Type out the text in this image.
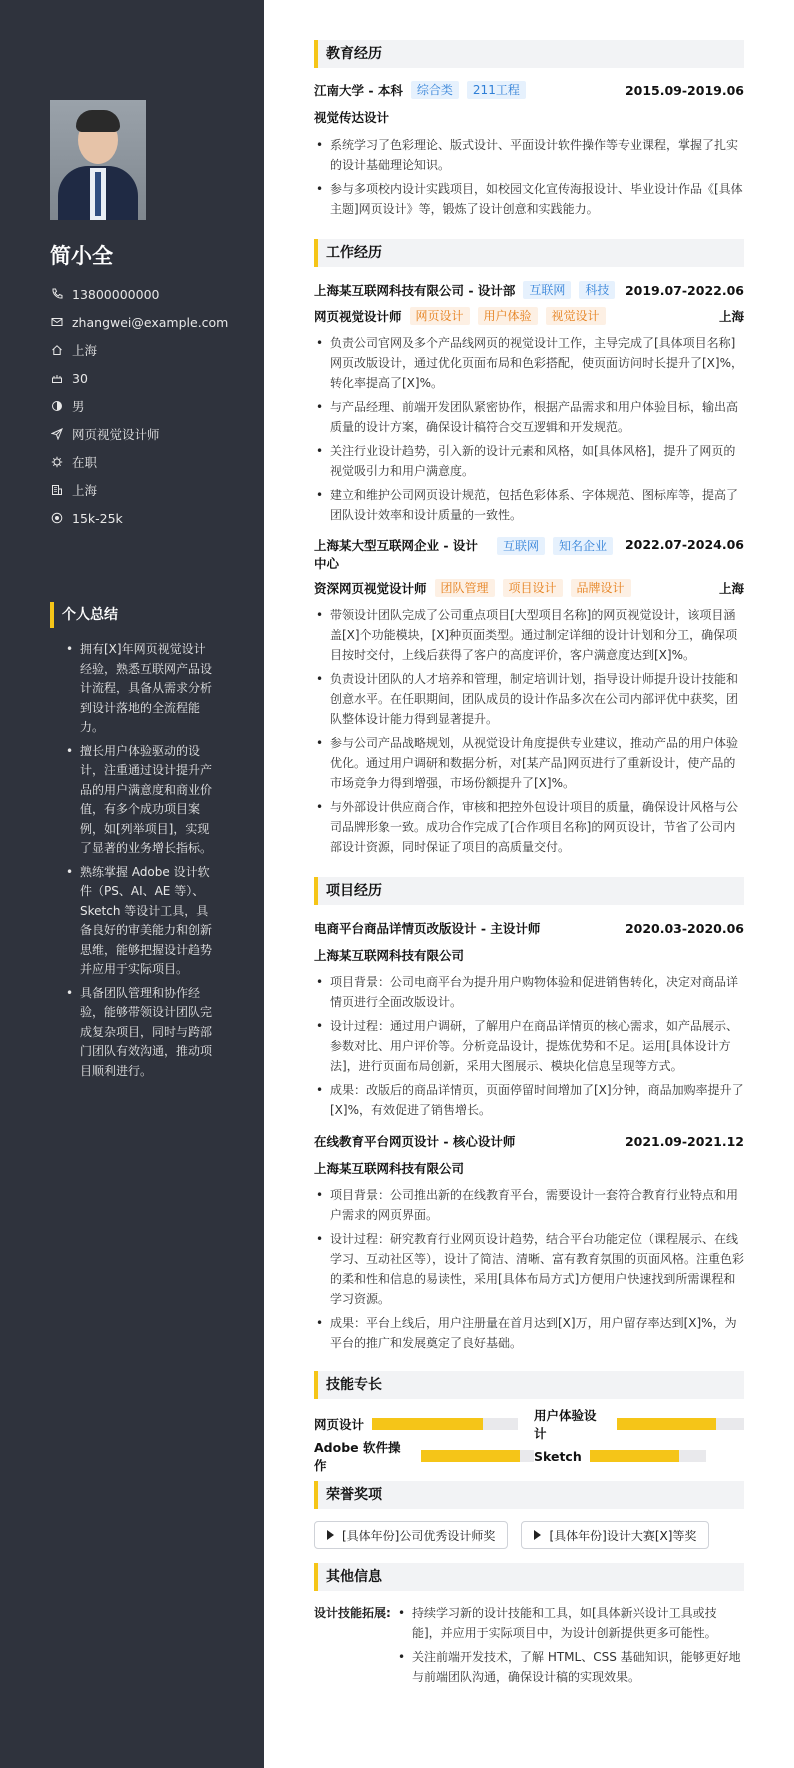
简小全
13800000000
zhangwei@example.com
上海
30
男
网页视觉设计师
在职
上海
15k-25k
个人总结
• 拥有[X]年网页视觉设计经验，熟悉互联网产品设计流程，具备从需求分析到设计落地的全流程能力。
• 擅长用户体验驱动的设计，注重通过设计提升产品的用户满意度和商业价值，有多个成功项目案例，如[列举项目]，实现了显著的业务增长指标。
• 熟练掌握 Adobe 设计软件（PS、AI、AE 等）、Sketch 等设计工具，具备良好的审美能力和创新思维，能够把握设计趋势并应用于实际项目。
• 具备团队管理和协作经验，能够带领设计团队完成复杂项目，同时与跨部门团队有效沟通，推动项目顺利进行。
教育经历
江南大学 - 本科	综合类	211工程	2015.09-2019.06
视觉传达设计
• 系统学习了色彩理论、版式设计、平面设计软件操作等专业课程，掌握了扎实的设计基础理论知识。
• 参与多项校内设计实践项目，如校园文化宣传海报设计、毕业设计作品《[具体主题]网页设计》等，锻炼了设计创意和实践能力。
工作经历
上海某互联网科技有限公司 - 设计部	互联网	科技	2019.07-2022.06
网页视觉设计师	网页设计	用户体验	视觉设计	上海
• 负责公司官网及多个产品线网页的视觉设计工作，主导完成了[具体项目名称]网页改版设计，通过优化页面布局和色彩搭配，使页面访问时长提升了[X]%，转化率提高了[X]%。
• 与产品经理、前端开发团队紧密协作，根据产品需求和用户体验目标，输出高质量的设计方案，确保设计稿符合交互逻辑和开发规范。
• 关注行业设计趋势，引入新的设计元素和风格，如[具体风格]，提升了网页的视觉吸引力和用户满意度。
• 建立和维护公司网页设计规范，包括色彩体系、字体规范、图标库等，提高了团队设计效率和设计质量的一致性。
上海某大型互联网企业 - 设计中心
互联网	知名企业	2022.07-2024.06
资深网页视觉设计师	团队管理	项目设计	品牌设计	上海
• 带领设计团队完成了公司重点项目[大型项目名称]的网页视觉设计，该项目涵盖[X]个功能模块，[X]种页面类型。通过制定详细的设计计划和分工，确保项目按时交付，上线后获得了客户的高度评价，客户满意度达到[X]%。
• 负责设计团队的人才培养和管理，制定培训计划，指导设计师提升设计技能和创意水平。在任职期间，团队成员的设计作品多次在公司内部评优中获奖，团队整体设计能力得到显著提升。
• 参与公司产品战略规划，从视觉设计角度提供专业建议，推动产品的用户体验优化。通过用户调研和数据分析，对[某产品]网页进行了重新设计，使产品的市场竞争力得到增强，市场份额提升了[X]%。
• 与外部设计供应商合作，审核和把控外包设计项目的质量，确保设计风格与公司品牌形象一致。成功合作完成了[合作项目名称]的网页设计，节省了公司内部设计资源，同时保证了项目的高质量交付。
项目经历
电商平台商品详情页改版设计 - 主设计师	2020.03-2020.06
上海某互联网科技有限公司
• 项目背景：公司电商平台为提升用户购物体验和促进销售转化，决定对商品详情页进行全面改版设计。
• 设计过程：通过用户调研，了解用户在商品详情页的核心需求，如产品展示、参数对比、用户评价等。分析竞品设计，提炼优势和不足。运用[具体设计方法]，进行页面布局创新，采用大图展示、模块化信息呈现等方式。
• 成果：改版后的商品详情页，页面停留时间增加了[X]分钟，商品加购率提升了[X]%，有效促进了销售增长。
在线教育平台网页设计 - 核心设计师	2021.09-2021.12
上海某互联网科技有限公司
• 项目背景：公司推出新的在线教育平台，需要设计一套符合教育行业特点和用户需求的网页界面。
• 设计过程：研究教育行业网页设计趋势，结合平台功能定位（课程展示、在线学习、互动社区等），设计了简洁、清晰、富有教育氛围的页面风格。注重色彩的柔和性和信息的易读性，采用[具体布局方式]方便用户快速找到所需课程和学习资源。
• 成果：平台上线后，用户注册量在首月达到[X]万，用户留存率达到[X]%，为平台的推广和发展奠定了良好基础。
技能专长
网页设计
用户体验设计
Adobe 软件操作
Sketch
荣誉奖项
[具体年份]公司优秀设计师奖
	[具体年份]设计大赛[X]等奖
其他信息
设计技能拓展:
•	持续学习新的设计技能和工具，如[具体新兴设计工具或技能]，并应用于实际项目中，为设计创新提供更多可能性。
• 关注前端开发技术，了解 HTML、CSS 基础知识，能够更好地与前端团队沟通，确保设计稿的实现效果。
